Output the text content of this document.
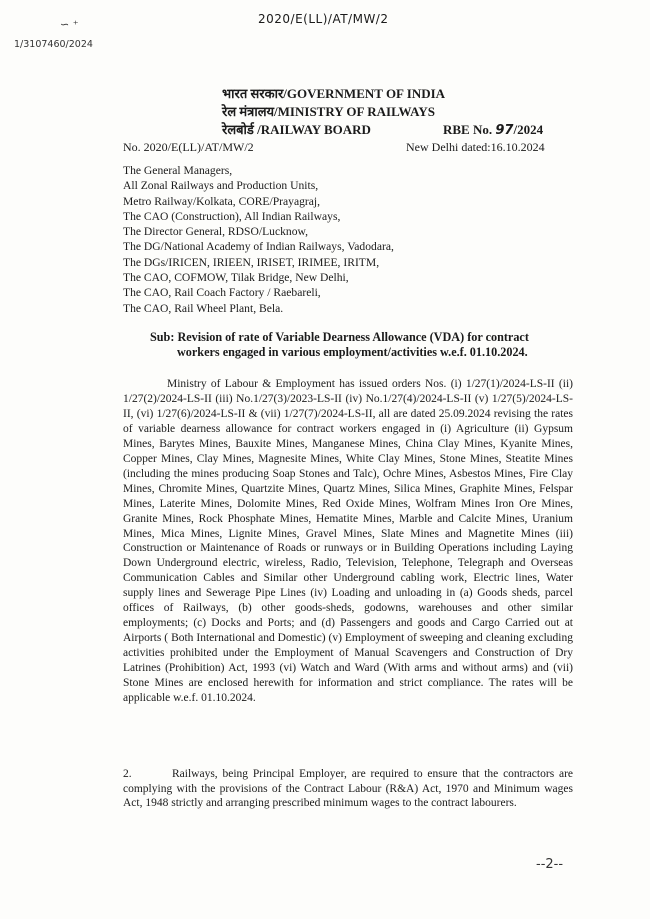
2020/E(LL)/AT/MW/2
∽ ⁺
1/3107460/2024
भारत सरकार/GOVERNMENT OF INDIA
रेल मंत्रालय/MINISTRY OF RAILWAYS
रेलबोर्ड /RAILWAY BOARD	RBE No. 97/2024
No. 2020/E(LL)/AT/MW/2	New Delhi dated:16.10.2024
The General Managers,
All Zonal Railways and Production Units,
Metro Railway/Kolkata, CORE/Prayagraj,
The CAO (Construction), All Indian Railways,
The Director General, RDSO/Lucknow,
The DG/National Academy of Indian Railways, Vadodara,
The DGs/IRICEN, IRIEEN, IRISET, IRIMEE, IRITM,
The CAO, COFMOW, Tilak Bridge, New Delhi,
The CAO, Rail Coach Factory / Raebareli,
The CAO, Rail Wheel Plant, Bela.
Sub: Revision of rate of Variable Dearness Allowance (VDA) for contract workers engaged in various employment/activities w.e.f. 01.10.2024.

Ministry of Labour & Employment has issued orders Nos. (i) 1/27(1)/2024-LS-II (ii) 1/27(2)/2024-LS-II (iii) No.1/27(3)/2023-LS-II (iv) No.1/27(4)/2024-LS-II (v) 1/27(5)/2024-LS-II, (vi) 1/27(6)/2024-LS-II & (vii) 1/27(7)/2024-LS-II, all are dated 25.09.2024 revising the rates of variable dearness allowance for contract workers engaged in (i) Agriculture (ii) Gypsum Mines, Barytes Mines, Bauxite Mines, Manganese Mines, China Clay Mines, Kyanite Mines, Copper Mines, Clay Mines, Magnesite Mines, White Clay Mines, Stone Mines, Steatite Mines (including the mines producing Soap Stones and Talc), Ochre Mines, Asbestos Mines, Fire Clay Mines, Chromite Mines, Quartzite Mines, Quartz Mines, Silica Mines, Graphite Mines, Felspar Mines, Laterite Mines, Dolomite Mines, Red Oxide Mines, Wolfram Mines Iron Ore Mines, Granite Mines, Rock Phosphate Mines, Hematite Mines, Marble and Calcite Mines, Uranium Mines, Mica Mines, Lignite Mines, Gravel Mines, Slate Mines and Magnetite Mines (iii) Construction or Maintenance of Roads or runways or in Building Operations including Laying Down Underground electric, wireless, Radio, Television, Telephone, Telegraph and Overseas Communication Cables and Similar other Underground cabling work, Electric lines, Water supply lines and Sewerage Pipe Lines (iv) Loading and unloading in (a) Goods sheds, parcel offices of Railways, (b) other goods-sheds, godowns, warehouses and other similar employments; (c) Docks and Ports; and (d) Passengers and goods and Cargo Carried out at Airports ( Both International and Domestic) (v) Employment of sweeping and cleaning excluding activities prohibited under the Employment of Manual Scavengers and Construction of Dry Latrines (Prohibition) Act, 1993 (vi) Watch and Ward (With arms and without arms) and (vii) Stone Mines are enclosed herewith for information and strict compliance. The rates will be applicable w.e.f. 01.10.2024.

2.	Railways, being Principal Employer, are required to ensure that the contractors are complying with the provisions of the Contract Labour (R&A) Act, 1970 and Minimum wages Act, 1948 strictly and arranging prescribed minimum wages to the contract labourers.

--2--
